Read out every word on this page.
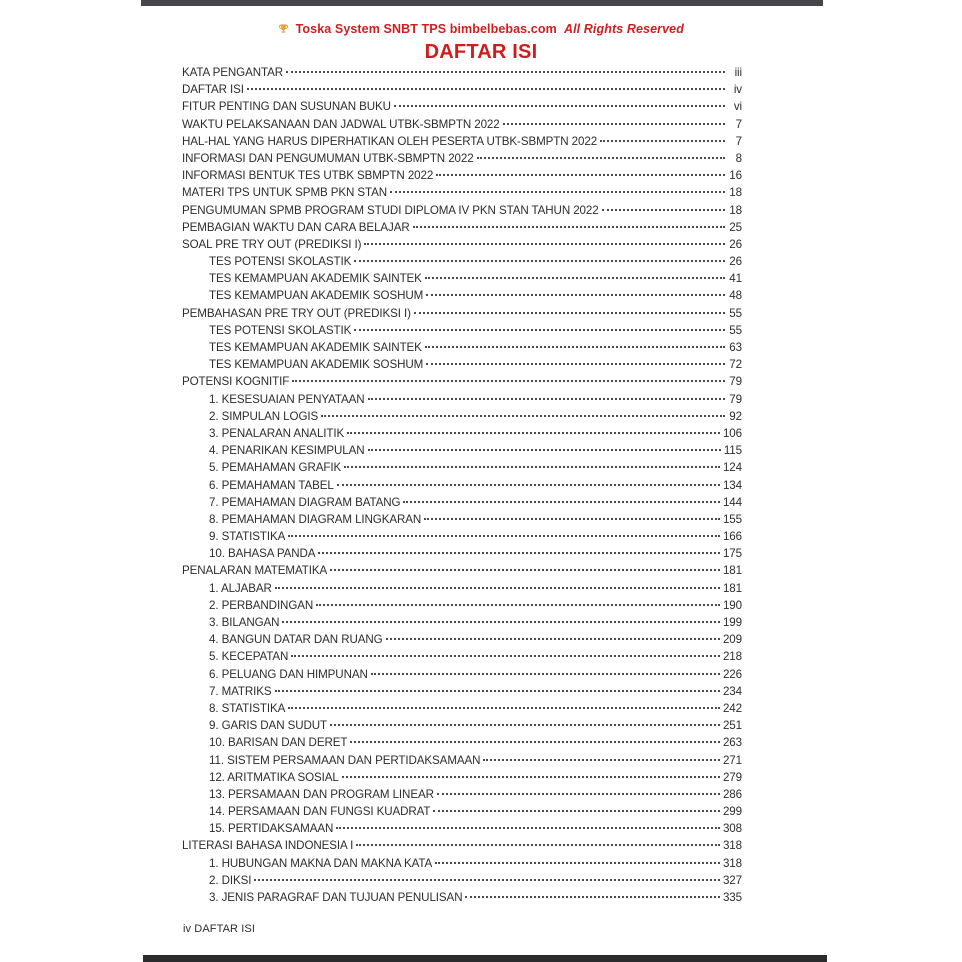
Toska System SNBT TPS bimbelbebas.com All Rights Reserved
DAFTAR ISI
KATA PENGANTAR	iii
DAFTAR ISI	iv
FITUR PENTING DAN SUSUNAN BUKU	vi
WAKTU PELAKSANAAN DAN JADWAL UTBK-SBMPTN 2022	7
HAL-HAL YANG HARUS DIPERHATIKAN OLEH PESERTA UTBK-SBMPTN 2022	7
INFORMASI DAN PENGUMUMAN UTBK-SBMPTN 2022	8
INFORMASI BENTUK TES UTBK SBMPTN 2022	16
MATERI TPS UNTUK SPMB PKN STAN	18
PENGUMUMAN SPMB PROGRAM STUDI DIPLOMA IV PKN STAN TAHUN 2022	18
PEMBAGIAN WAKTU DAN CARA BELAJAR	25
SOAL PRE TRY OUT (PREDIKSI I)	26
TES POTENSI SKOLASTIK	26
TES KEMAMPUAN AKADEMIK SAINTEK	41
TES KEMAMPUAN AKADEMIK SOSHUM	48
PEMBAHASAN PRE TRY OUT (PREDIKSI I)	55
TES POTENSI SKOLASTIK	55
TES KEMAMPUAN AKADEMIK SAINTEK	63
TES KEMAMPUAN AKADEMIK SOSHUM	72
POTENSI KOGNITIF	79
1. KESESUAIAN PENYATAAN	79
2. SIMPULAN LOGIS	92
3. PENALARAN ANALITIK	106
4. PENARIKAN KESIMPULAN	115
5. PEMAHAMAN GRAFIK	124
6. PEMAHAMAN TABEL	134
7. PEMAHAMAN DIAGRAM BATANG	144
8. PEMAHAMAN DIAGRAM LINGKARAN	155
9. STATISTIKA	166
10. BAHASA PANDA	175
PENALARAN MATEMATIKA	181
1. ALJABAR	181
2. PERBANDINGAN	190
3. BILANGAN	199
4. BANGUN DATAR DAN RUANG	209
5. KECEPATAN	218
6. PELUANG DAN HIMPUNAN	226
7. MATRIKS	234
8. STATISTIKA	242
9. GARIS DAN SUDUT	251
10. BARISAN DAN DERET	263
11. SISTEM PERSAMAAN DAN PERTIDAKSAMAAN	271
12. ARITMATIKA SOSIAL	279
13. PERSAMAAN DAN PROGRAM LINEAR	286
14. PERSAMAAN DAN FUNGSI KUADRAT	299
15. PERTIDAKSAMAAN	308
LITERASI BAHASA INDONESIA I	318
1. HUBUNGAN MAKNA DAN MAKNA KATA	318
2. DIKSI	327
3. JENIS PARAGRAF DAN TUJUAN PENULISAN	335
iv DAFTAR ISI
